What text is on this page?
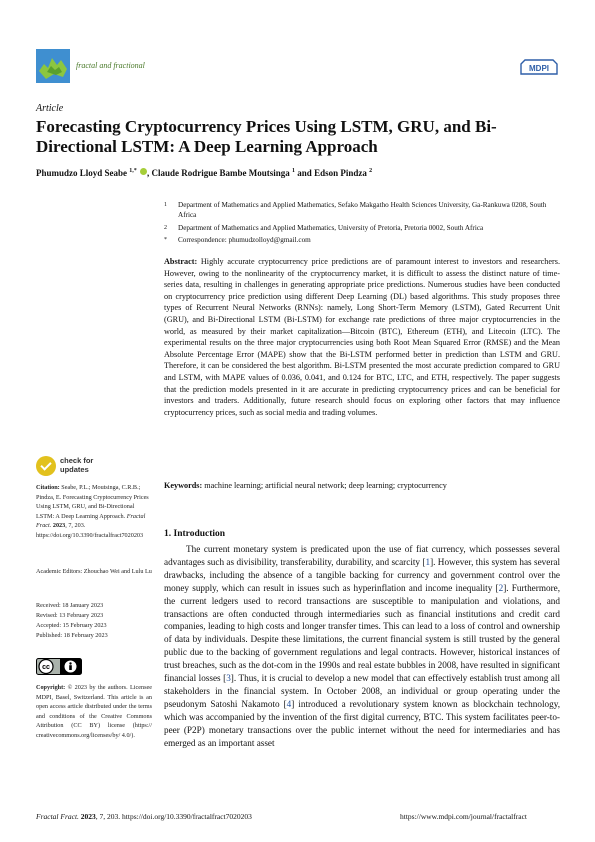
fractal and fractional	MDPI
Article
Forecasting Cryptocurrency Prices Using LSTM, GRU, and Bi-Directional LSTM: A Deep Learning Approach
Phumudzo Lloyd Seabe $^{1,*}$ , Claude Rodrigue Bambe Moutsinga $^1$ and Edson Pindza $^2$
1 Department of Mathematics and Applied Mathematics, Sefako Makgatho Health Sciences University, Ga-Rankuwa 0208, South Africa
2 Department of Mathematics and Applied Mathematics, University of Pretoria, Pretoria 0002, South Africa
* Correspondence: phumudzolloyd@gmail.com
Abstract: Highly accurate cryptocurrency price predictions are of paramount interest to investors and researchers. However, owing to the nonlinearity of the cryptocurrency market, it is difficult to assess the distinct nature of time-series data, resulting in challenges in generating appropriate price predictions. Numerous studies have been conducted on cryptocurrency price prediction using different Deep Learning (DL) based algorithms. This study proposes three types of Recurrent Neural Networks (RNNs): namely, Long Short-Term Memory (LSTM), Gated Recurrent Unit (GRU), and Bi-Directional LSTM (Bi-LSTM) for exchange rate predictions of three major cryptocurrencies in the world, as measured by their market capitalization—Bitcoin (BTC), Ethereum (ETH), and Litecoin (LTC). The experimental results on the three major cryptocurrencies using both Root Mean Squared Error (RMSE) and the Mean Absolute Percentage Error (MAPE) show that the Bi-LSTM performed better in prediction than LSTM and GRU. Therefore, it can be considered the best algorithm. Bi-LSTM presented the most accurate prediction compared to GRU and LSTM, with MAPE values of 0.036, 0.041, and 0.124 for BTC, LTC, and ETH, respectively. The paper suggests that the prediction models presented in it are accurate in predicting cryptocurrency prices and can be beneficial for investors and traders. Additionally, future research should focus on exploring other factors that may influence cryptocurrency prices, such as social media and trading volumes.
Keywords: machine learning; artificial neural network; deep learning; cryptocurrency
check for
updates
Citation: Seabe, P.L.; Moutsinga, C.R.B.; Pindza, E. Forecasting Cryptocurrency Prices Using LSTM, GRU, and Bi-Directional LSTM: A Deep Learning Approach. Fractal Fract. 2023, 7, 203. https://doi.org/10.3390/fractalfract7020203
Academic Editors: Zhouchao Wei and Lulu Lu
Received: 18 January 2023
Revised: 13 February 2023
Accepted: 15 February 2023
Published: 18 February 2023
cc
Copyright: © 2023 by the authors. Licensee MDPI, Basel, Switzerland. This article is an open access article distributed under the terms and conditions of the Creative Commons Attribution (CC BY) license (https:// creativecommons.org/licenses/by/ 4.0/).
1. Introduction
The current monetary system is predicated upon the use of fiat currency, which possesses several advantages such as divisibility, transferability, durability, and scarcity [1]. However, this system has several drawbacks, including the absence of a tangible backing for currency and government control over the money supply, which can result in issues such as hyperinflation and income inequality [2]. Furthermore, the current ledgers used to record transactions are susceptible to manipulation and violations, and transactions are often conducted through intermediaries such as financial institutions and credit card companies, leading to high costs and longer transfer times. This can lead to a loss of control and ownership of data by individuals. Despite these limitations, the current financial system is still trusted by the general public due to the backing of government regulations and legal contracts. However, historical instances of trust breaches, such as the dot-com in the 1990s and real estate bubbles in 2008, have resulted in significant financial losses [3]. Thus, it is crucial to develop a new model that can effectively establish trust among all stakeholders in the financial system. In October 2008, an individual or group operating under the pseudonym Satoshi Nakamoto [4] introduced a revolutionary system known as blockchain technology, which was accompanied by the invention of the first digital currency, BTC. This system facilitates peer-to-peer (P2P) monetary transactions over the public internet without the need for intermediaries and has emerged as an important asset
Fractal Fract. 2023, 7, 203. https://doi.org/10.3390/fractalfract7020203	https://www.mdpi.com/journal/fractalfract
